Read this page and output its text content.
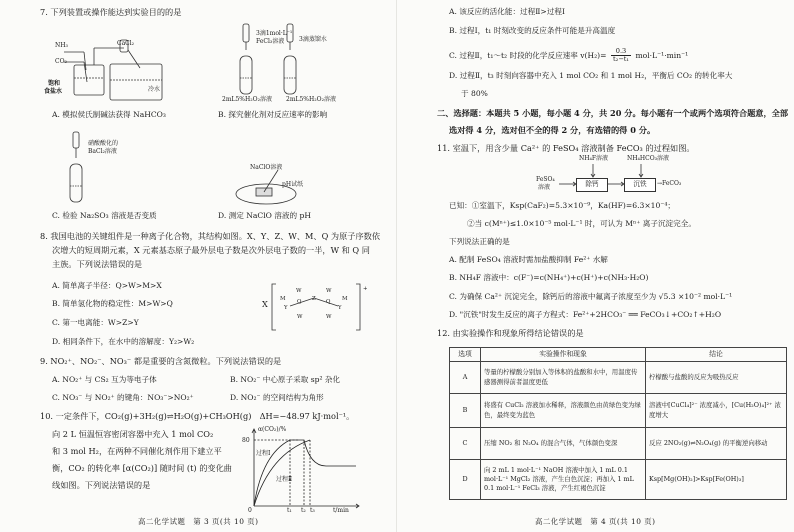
7. 下列装置或操作能达到实验目的的是
NH₃
CO₂
CaCl₂
饱和
食盐水	冷水
3滴1mol·L⁻¹
FeCl₃溶液 3滴蒸馏水
2mL5%H₂O₂溶液 2mL5%H₂O₂溶液
A. 模拟侯氏制碱法获得 NaHCO₃	B. 探究催化剂对反应速率的影响
硝酸酸化的
BaCl₂溶液
NaClO溶液
pH试纸
C. 检验 Na₂SO₃ 溶液是否变质	D. 测定 NaClO 溶液的 pH
8. 我国电池的关键组件是一种离子化合物，其结构如图。X、Y、Z、W、M、Q 为原子序数依
次增大的短周期元素，X 元素基态原子最外层电子数是次外层电子数的一半，W 和 Q 同
主族。下列说法错误的是
A. 简单离子半径：Q>W>M>X
B. 简单氢化物的稳定性：M>W>Q
C. 第一电离能：W>Z>Y
D. 相同条件下，在水中的溶解度：Y₂>W₂
X
+
M
Y
Q
W
Z Q
W
Y
M
W	W
9. NO₂⁺、NO₂⁻、NO₃⁻ 都是重要的含氮微粒。下列说法错误的是
A. NO₂⁺ 与 CS₂ 互为等电子体	B. NO₂⁻ 中心原子采取 sp² 杂化
C. NO₃⁻ 与 NO₂⁺ 的键角：NO₃⁻>NO₂⁺	D. NO₂⁻ 的空间结构为角形
10. 一定条件下，CO₂(g)+3H₂(g)⇌H₂O(g)+CH₃OH(g)　ΔH=−48.97 kJ·mol⁻¹。
向 2 L 恒温恒容密闭容器中充入 1 mol CO₂
和 3 mol H₂，在两种不同催化剂作用下建立平
衡，CO₂ 的转化率 [α(CO₂)] 随时间 (t) 的变化曲
线如图。下列说法错误的是
α(CO₂)/%
80
过程Ⅰ
过程Ⅱ
0	t₁ t₂ t₃	t/min
高二化学试题　第 3 页(共 10 页)
A. 该反应的活化能：过程Ⅱ>过程Ⅰ
B. 过程Ⅰ，t₁ 时刻改变的反应条件可能是升高温度
C. 过程Ⅱ，t₁～t₂ 时段的化学反应速率 $v(H_2)= \frac{0.3}{\text{t₂−t₁}} mol\cdot L^{-1}\cdot\min^{-1}$
D. 过程Ⅱ，t₃ 时刻向容器中充入 1 mol CO₂ 和 1 mol H₂，平衡后 CO₂ 的转化率大
于 80%
二、选择题：本题共 5 小题，每小题 4 分，共 20 分。每小题有一个或两个选项符合题意，全部
选对得 4 分，选对但不全的得 2 分，有选错的得 0 分。
11. 室温下，用含少量 Ca²⁺ 的 FeSO₄ 溶液制备 FeCO₃ 的过程如图。
NH₄F溶液	NH₄HCO₃溶液
FeSO₄
溶液	除钙	沉铁	→FeCO₃
已知：①室温下，Ksp(CaF₂)=5.3×10⁻⁹，Ka(HF)=6.3×10⁻⁴；
②当 c(Mⁿ⁺)≤1.0×10⁻⁵ mol·L⁻¹ 时，可认为 Mⁿ⁺ 离子沉淀完全。
下列说法正确的是
A. 配制 FeSO₄ 溶液时需加盐酸抑制 Fe²⁺ 水解
B. NH₄F 溶液中：c(F⁻)=c(NH₄⁺)+c(H⁺)+c(NH₃·H₂O)
C. 为确保 Ca²⁺ 沉淀完全，除钙后的溶液中氟离子浓度至少为 √5.3 ×10⁻² mol·L⁻¹
D. "沉铁"时发生反应的离子方程式：Fe²⁺+2HCO₃⁻ ══ FeCO₃↓+CO₂↑+H₂O
12. 由实验操作和现象所得结论错误的是
选项	实验操作和现象	结论
A	等量的柠檬酸分别加入等体积的盐酸和水中，用温度传感器测得前者温度更低	柠檬酸与盐酸的反应为吸热反应
B	将盛有 CuCl₂ 溶液加水稀释，溶液颜色由黄绿色变为绿色，最终变为蓝色	溶液中[CuCl₄]²⁻ 浓度减小，[Cu(H₂O)₄]²⁺ 浓度增大
C	压缩 NO₂ 和 N₂O₄ 的混合气体，气体颜色变深	反应 2NO₂(g)⇌N₂O₄(g) 的平衡逆向移动
D	向 2 mL 1 mol·L⁻¹ NaOH 溶液中加入 1 mL 0.1 mol·L⁻¹ MgCl₂ 溶液，产生白色沉淀；再加入 1 mL 0.1 mol·L⁻¹ FeCl₃ 溶液，产生红褐色沉淀	Ksp[Mg(OH)₂]>Ksp[Fe(OH)₃]
高二化学试题　第 4 页(共 10 页)
